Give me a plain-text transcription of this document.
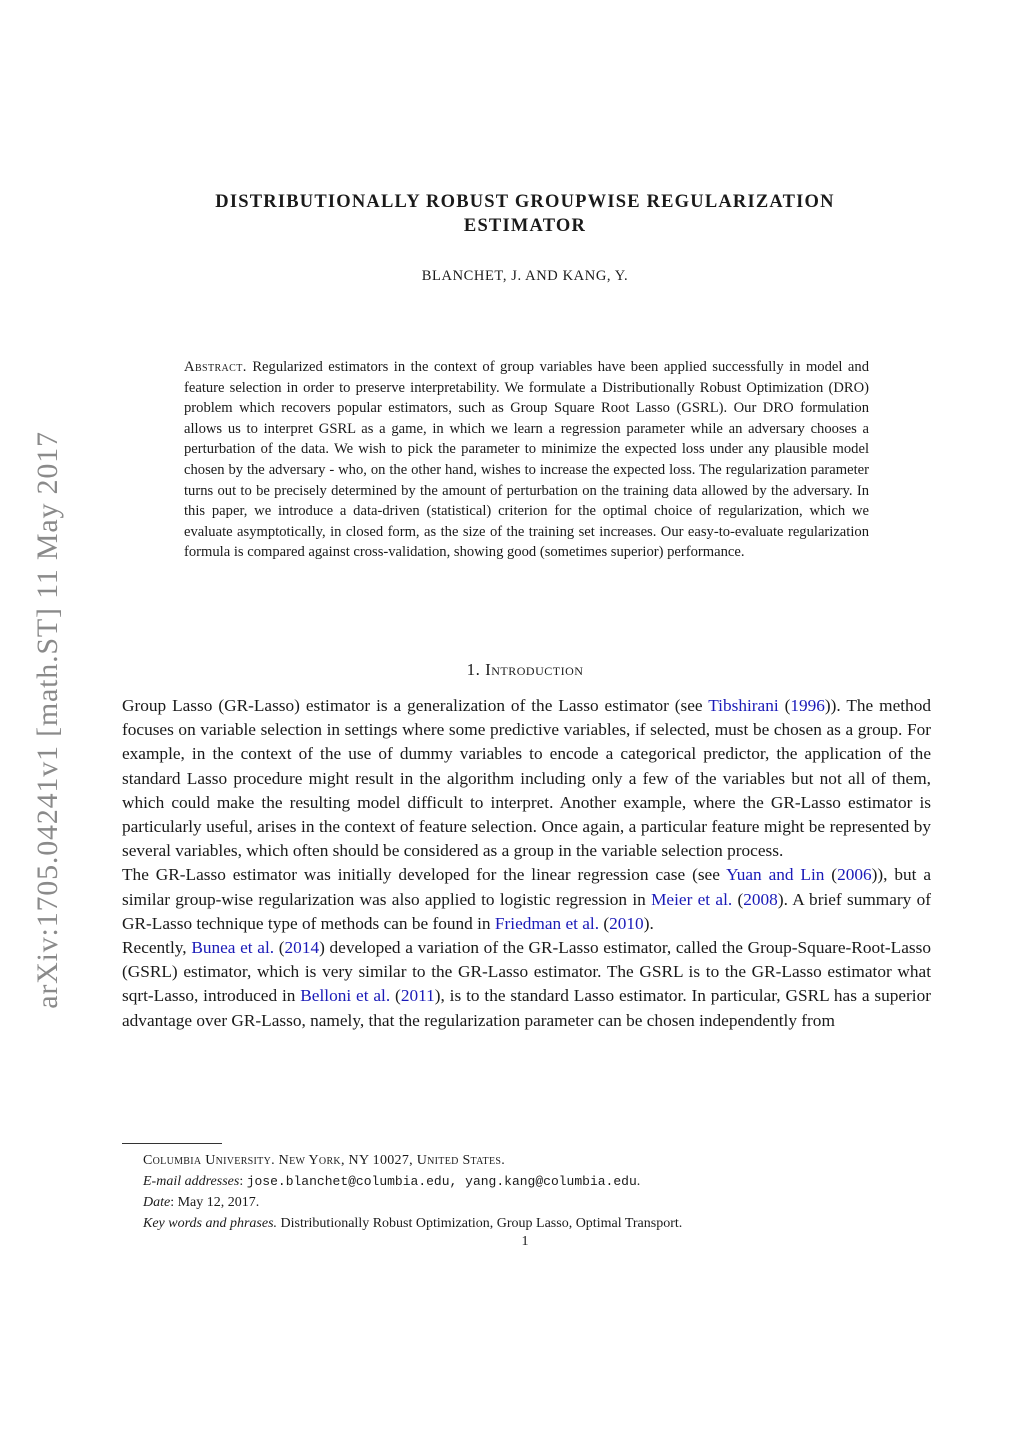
arXiv:1705.04241v1 [math.ST] 11 May 2017
DISTRIBUTIONALLY ROBUST GROUPWISE REGULARIZATION
ESTIMATOR
BLANCHET, J. AND KANG, Y.
Abstract. Regularized estimators in the context of group variables have been applied successfully in model and feature selection in order to preserve interpretability. We formulate a Distributionally Robust Optimization (DRO) problem which recovers popular estimators, such as Group Square Root Lasso (GSRL). Our DRO formulation allows us to interpret GSRL as a game, in which we learn a regression parameter while an adversary chooses a perturbation of the data. We wish to pick the parameter to minimize the expected loss under any plausible model chosen by the adversary - who, on the other hand, wishes to increase the expected loss. The regularization parameter turns out to be precisely determined by the amount of perturbation on the training data allowed by the adversary. In this paper, we introduce a data-driven (statistical) criterion for the optimal choice of regularization, which we evaluate asymptotically, in closed form, as the size of the training set increases. Our easy-to-evaluate regularization formula is compared against cross-validation, showing good (sometimes superior) performance.
1. Introduction

Group Lasso (GR-Lasso) estimator is a generalization of the Lasso estimator (see Tibshirani (1996)). The method focuses on variable selection in settings where some predictive variables, if selected, must be chosen as a group. For example, in the context of the use of dummy variables to encode a categorical predictor, the application of the standard Lasso procedure might result in the algorithm including only a few of the variables but not all of them, which could make the resulting model difficult to interpret. Another example, where the GR-Lasso estimator is particularly useful, arises in the context of feature selection. Once again, a particular feature might be represented by several variables, which often should be considered as a group in the variable selection process.

The GR-Lasso estimator was initially developed for the linear regression case (see Yuan and Lin (2006)), but a similar group-wise regularization was also applied to logistic regression in Meier et al. (2008). A brief summary of GR-Lasso technique type of methods can be found in Friedman et al. (2010).

Recently, Bunea et al. (2014) developed a variation of the GR-Lasso estimator, called the Group-Square-Root-Lasso (GSRL) estimator, which is very similar to the GR-Lasso estimator. The GSRL is to the GR-Lasso estimator what sqrt-Lasso, introduced in Belloni et al. (2011), is to the standard Lasso estimator. In particular, GSRL has a superior advantage over GR-Lasso, namely, that the regularization parameter can be chosen independently from

Columbia University. New York, NY 10027, United States.
E-mail addresses: jose.blanchet@columbia.edu, yang.kang@columbia.edu.
Date: May 12, 2017.
Key words and phrases. Distributionally Robust Optimization, Group Lasso, Optimal Transport.
1
